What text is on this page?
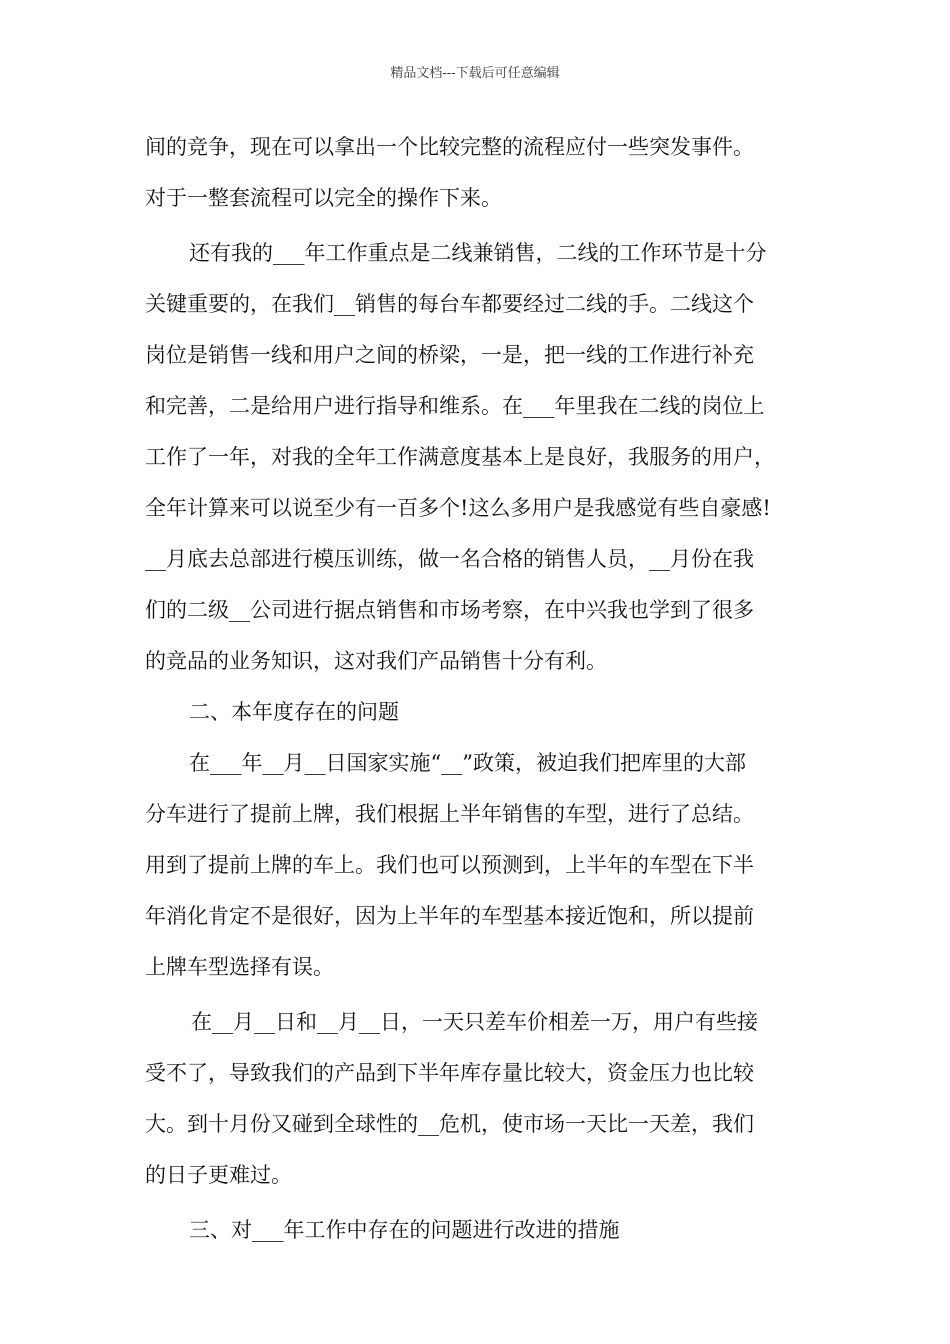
精品文档---下载后可任意编辑
间的竞争，现在可以拿出一个比较完整的流程应付一些突发事件。
对于一整套流程可以完全的操作下来。
还有我的___年工作重点是二线兼销售，二线的工作环节是十分
关键重要的，在我们__销售的每台车都要经过二线的手。二线这个
岗位是销售一线和用户之间的桥梁，一是，把一线的工作进行补充
和完善，二是给用户进行指导和维系。在___年里我在二线的岗位上
工作了一年，对我的全年工作满意度基本上是良好，我服务的用户，
全年计算来可以说至少有一百多个!这么多用户是我感觉有些自豪感!
__月底去总部进行模压训练，做一名合格的销售人员，__月份在我
们的二级__公司进行据点销售和市场考察，在中兴我也学到了很多
的竞品的业务知识，这对我们产品销售十分有利。
二、本年度存在的问题
在___年__月__日国家实施“__”政策，被迫我们把库里的大部
分车进行了提前上牌，我们根据上半年销售的车型，进行了总结。
用到了提前上牌的车上。我们也可以预测到，上半年的车型在下半
年消化肯定不是很好，因为上半年的车型基本接近饱和，所以提前
上牌车型选择有误。
在__月__日和__月__日，一天只差车价相差一万，用户有些接
受不了，导致我们的产品到下半年库存量比较大，资金压力也比较
大。到十月份又碰到全球性的__危机，使市场一天比一天差，我们
的日子更难过。
三、对___年工作中存在的问题进行改进的措施
